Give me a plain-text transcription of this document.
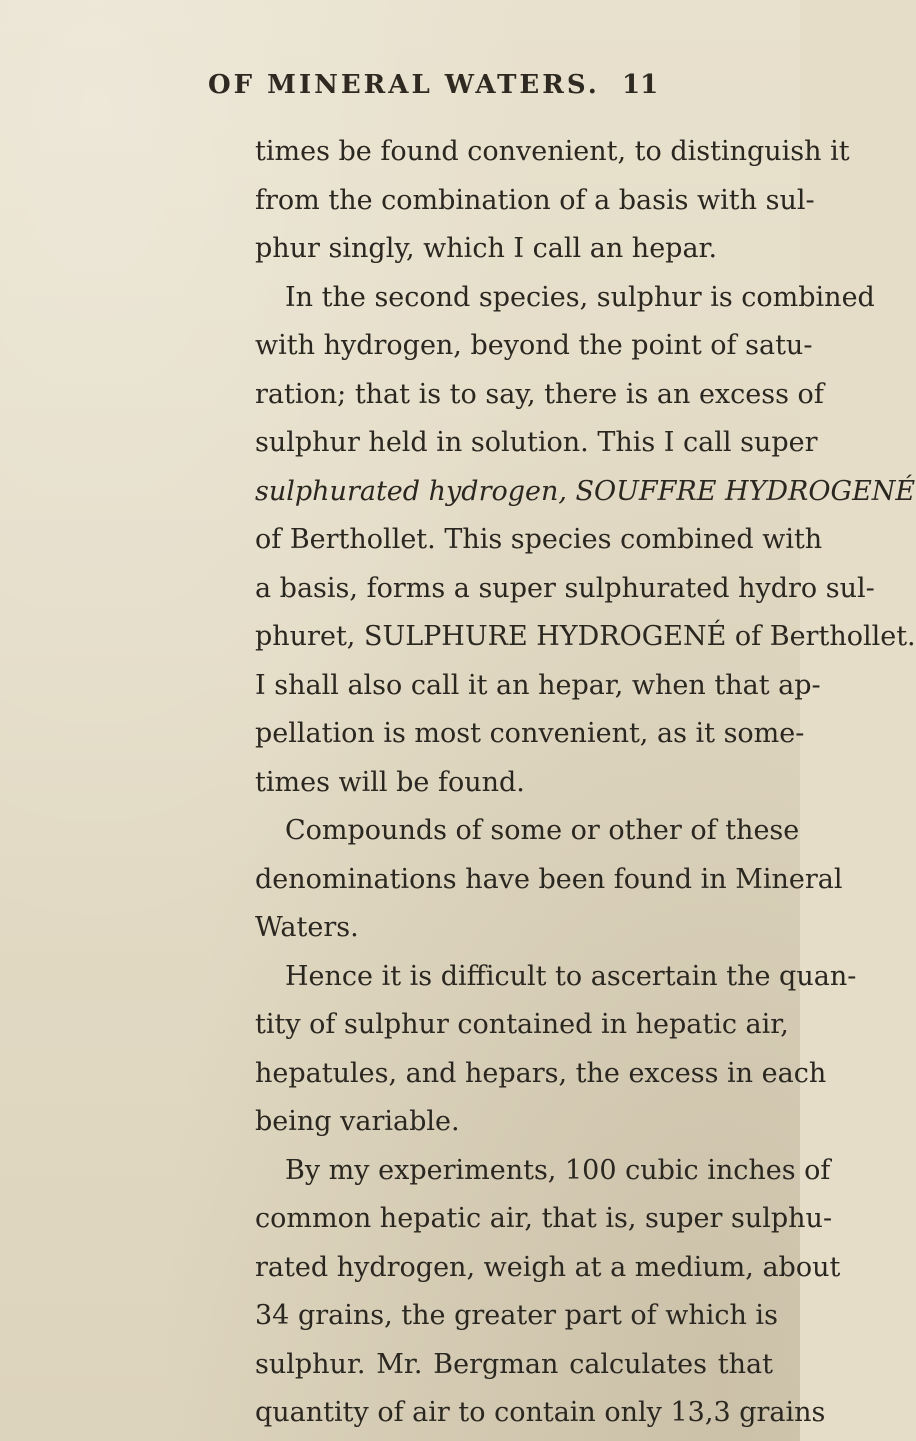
OF MINERAL WATERS. 11
times be found convenient, to distinguish it
from the combination of a basis with sul-
phur singly, which I call an hepar.
In the second species, sulphur is combined
with hydrogen, beyond the point of satu-
ration; that is to say, there is an excess of
sulphur held in solution. This I call super
sulphurated hydrogen, SOUFFRE HYDROGENÉ
of Berthollet. This species combined with
a basis, forms a super sulphurated hydro sul-
phuret, SULPHURE HYDROGENÉ of Berthollet.
I shall also call it an hepar, when that ap-
pellation is most convenient, as it some-
times will be found.
Compounds of some or other of these
denominations have been found in Mineral
Waters.
Hence it is difficult to ascertain the quan-
tity of sulphur contained in hepatic air,
hepatules, and hepars, the excess in each
being variable.
By my experiments, 100 cubic inches of
common hepatic air, that is, super sulphu-
rated hydrogen, weigh at a medium, about
34 grains, the greater part of which is
sulphur. Mr. Bergman calculates that
quantity of air to contain only 13,3 grains
